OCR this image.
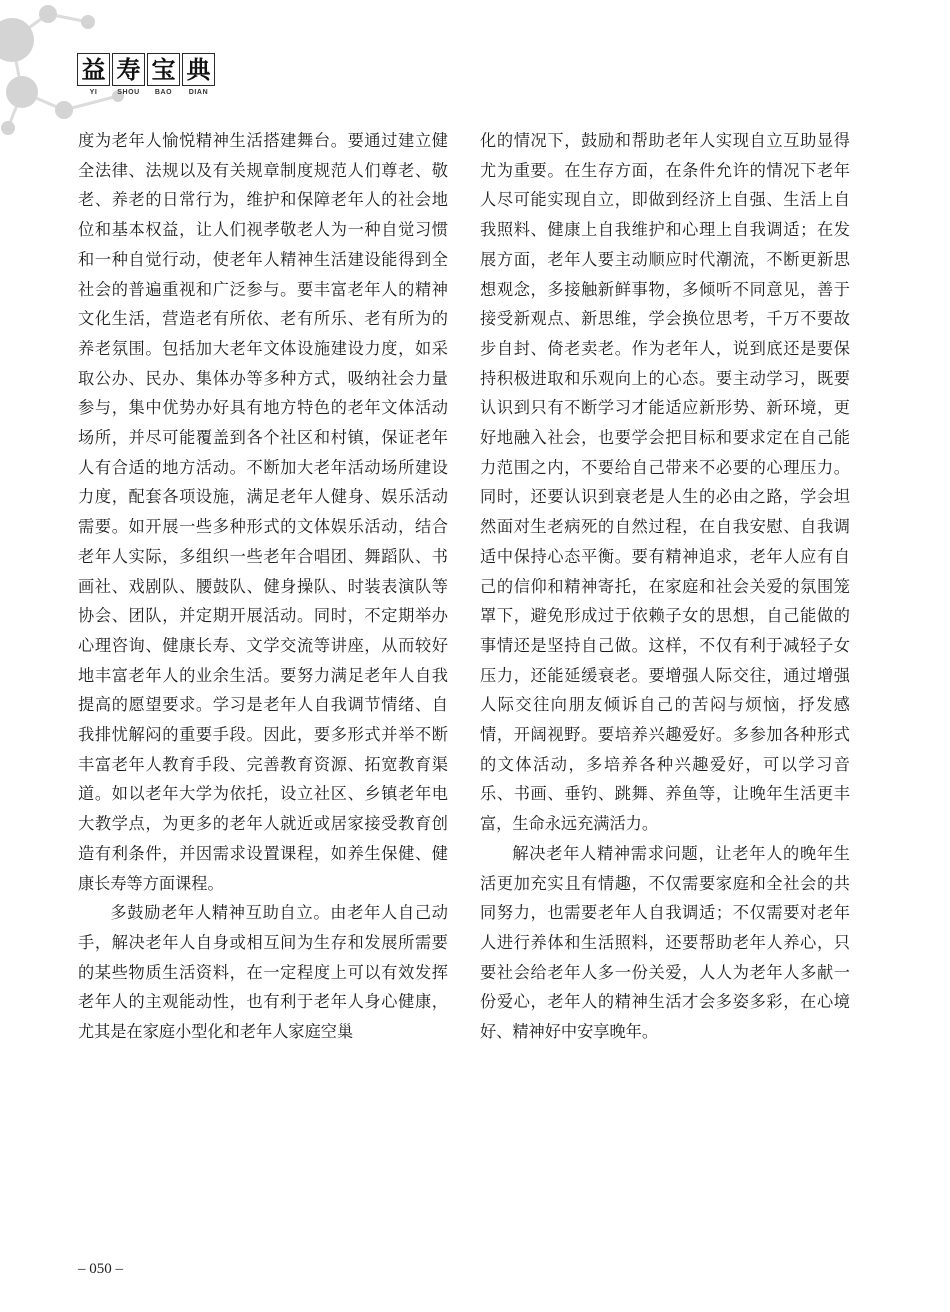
益 寿 宝 典
YI	SHOU	BAO	DIAN

度为老年人愉悦精神生活搭建舞台。要通过建立健全法律、法规以及有关规章制度规范人们尊老、敬老、养老的日常行为，维护和保障老年人的社会地位和基本权益，让人们视孝敬老人为一种自觉习惯和一种自觉行动，使老年人精神生活建设能得到全社会的普遍重视和广泛参与。要丰富老年人的精神文化生活，营造老有所依、老有所乐、老有所为的养老氛围。包括加大老年文体设施建设力度，如采取公办、民办、集体办等多种方式，吸纳社会力量参与，集中优势办好具有地方特色的老年文体活动场所，并尽可能覆盖到各个社区和村镇，保证老年人有合适的地方活动。不断加大老年活动场所建设力度，配套各项设施，满足老年人健身、娱乐活动需要。如开展一些多种形式的文体娱乐活动，结合老年人实际，多组织一些老年合唱团、舞蹈队、书画社、戏剧队、腰鼓队、健身操队、时装表演队等协会、团队，并定期开展活动。同时，不定期举办心理咨询、健康长寿、文学交流等讲座，从而较好地丰富老年人的业余生活。要努力满足老年人自我提高的愿望要求。学习是老年人自我调节情绪、自我排忧解闷的重要手段。因此，要多形式并举不断丰富老年人教育手段、完善教育资源、拓宽教育渠道。如以老年大学为依托，设立社区、乡镇老年电大教学点，为更多的老年人就近或居家接受教育创造有利条件，并因需求设置课程，如养生保健、健康长寿等方面课程。

多鼓励老年人精神互助自立。由老年人自己动手，解决老年人自身或相互间为生存和发展所需要的某些物质生活资料，在一定程度上可以有效发挥老年人的主观能动性，也有利于老年人身心健康，尤其是在家庭小型化和老年人家庭空巢

化的情况下，鼓励和帮助老年人实现自立互助显得尤为重要。在生存方面，在条件允许的情况下老年人尽可能实现自立，即做到经济上自强、生活上自我照料、健康上自我维护和心理上自我调适；在发展方面，老年人要主动顺应时代潮流，不断更新思想观念，多接触新鲜事物，多倾听不同意见，善于接受新观点、新思维，学会换位思考，千万不要故步自封、倚老卖老。作为老年人，说到底还是要保持积极进取和乐观向上的心态。要主动学习，既要认识到只有不断学习才能适应新形势、新环境，更好地融入社会，也要学会把目标和要求定在自己能力范围之内，不要给自己带来不必要的心理压力。同时，还要认识到衰老是人生的必由之路，学会坦然面对生老病死的自然过程，在自我安慰、自我调适中保持心态平衡。要有精神追求，老年人应有自己的信仰和精神寄托，在家庭和社会关爱的氛围笼罩下，避免形成过于依赖子女的思想，自己能做的事情还是坚持自己做。这样，不仅有利于减轻子女压力，还能延缓衰老。要增强人际交往，通过增强人际交往向朋友倾诉自己的苦闷与烦恼，抒发感情，开阔视野。要培养兴趣爱好。多参加各种形式的文体活动，多培养各种兴趣爱好，可以学习音乐、书画、垂钓、跳舞、养鱼等，让晚年生活更丰富，生命永远充满活力。

解决老年人精神需求问题，让老年人的晚年生活更加充实且有情趣，不仅需要家庭和全社会的共同努力，也需要老年人自我调适；不仅需要对老年人进行养体和生活照料，还要帮助老年人养心，只要社会给老年人多一份关爱，人人为老年人多献一份爱心，老年人的精神生活才会多姿多彩，在心境好、精神好中安享晚年。

– 050 –
